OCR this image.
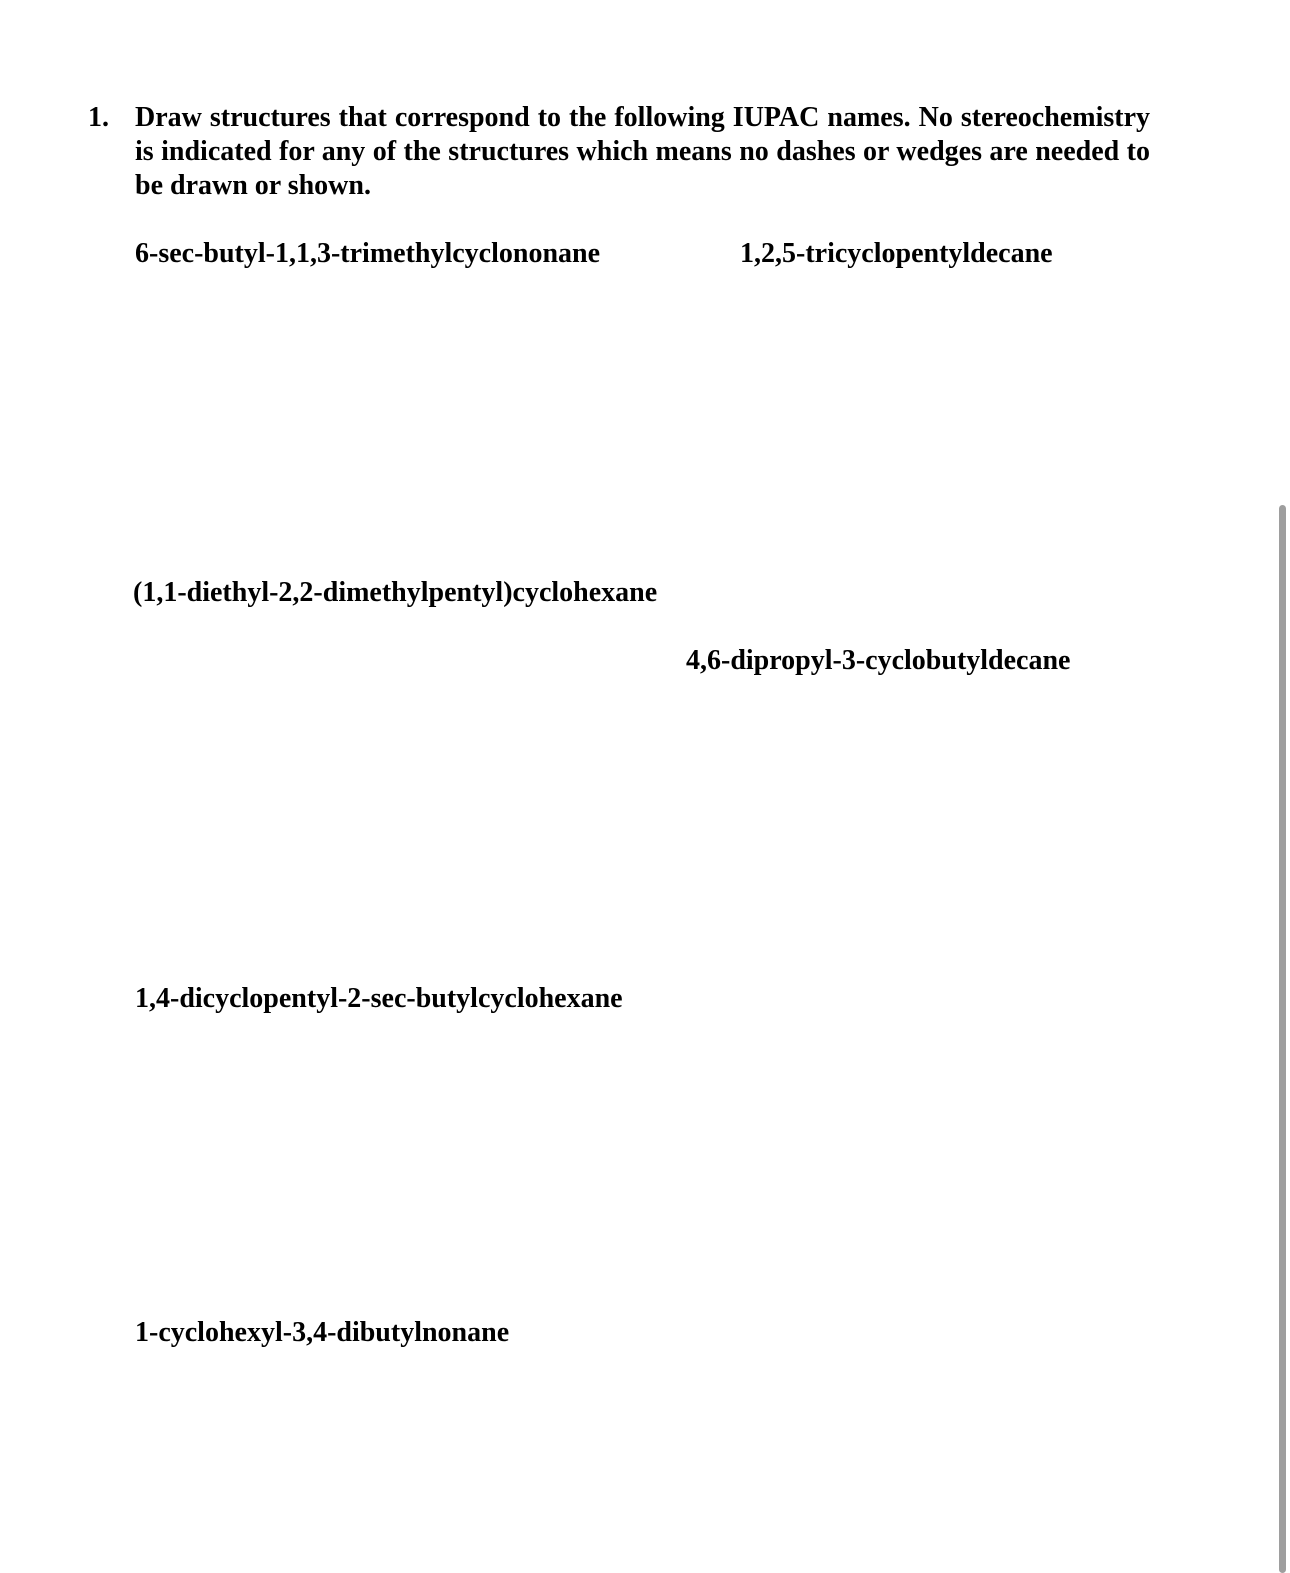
1. Draw structures that correspond to the following IUPAC names. No stereochemistry is indicated for any of the structures which means no dashes or wedges are needed to be drawn or shown.
6-sec-butyl-1,1,3-trimethylcyclononane	1,2,5-tricyclopentyldecane
(1,1-diethyl-2,2-dimethylpentyl)cyclohexane
4,6-dipropyl-3-cyclobutyldecane
1,4-dicyclopentyl-2-sec-butylcyclohexane
1-cyclohexyl-3,4-dibutylnonane
